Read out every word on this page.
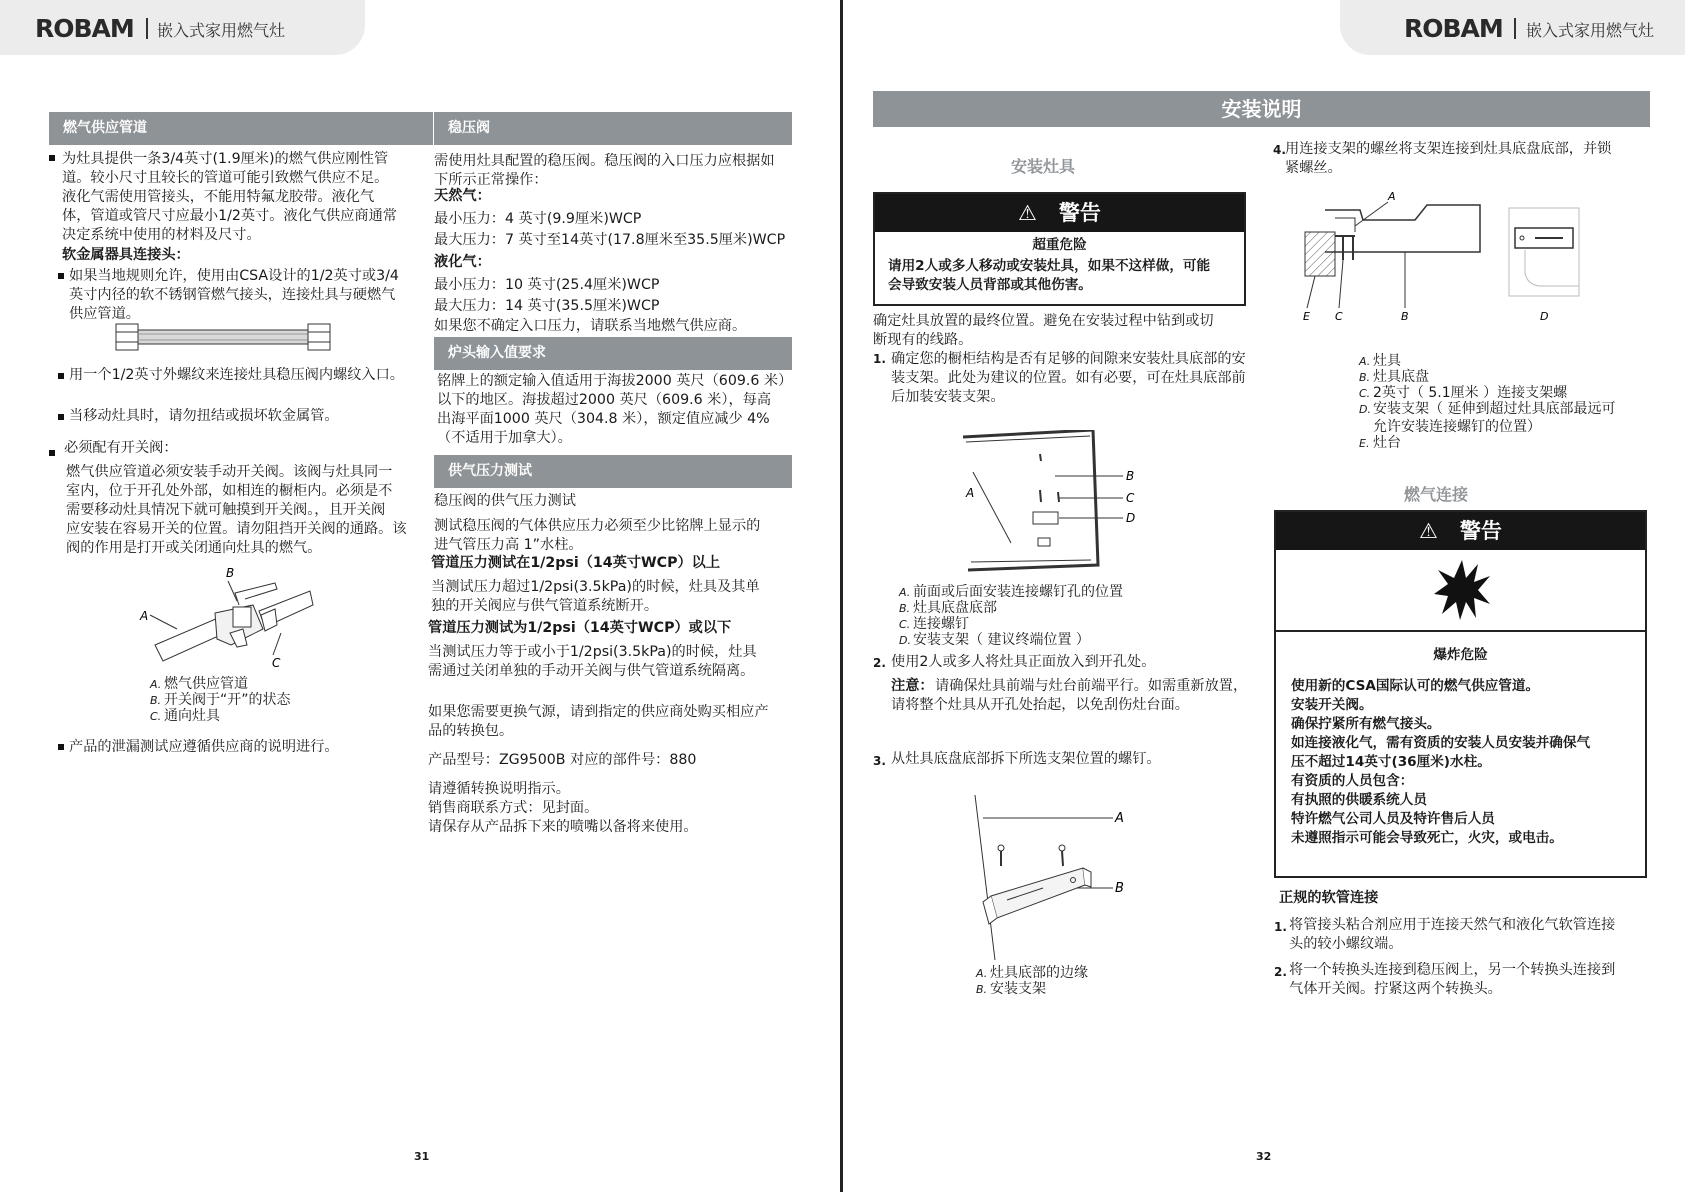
ROBAM 嵌入式家用燃气灶
燃气供应管道
为灶具提供一条3/4英寸(1.9厘米)的燃气供应刚性管
道。较小尺寸且较长的管道可能引致燃气供应不足。
液化气需使用管接头，不能用特氟龙胶带。液化气
体，管道或管尺寸应最小1/2英寸。液化气供应商通常
决定系统中使用的材料及尺寸。
软金属器具连接头：
如果当地规则允许，使用由CSA设计的1/2英寸或3/4
英寸内径的软不锈钢管燃气接头，连接灶具与硬燃气
供应管道。
用一个1/2英寸外螺纹来连接灶具稳压阀内螺纹入口。
当移动灶具时，请勿扭结或损坏软金属管。
必须配有开关阀：
燃气供应管道必须安装手动开关阀。该阀与灶具同一
室内，位于开孔处外部，如相连的橱柜内。必须是不
需要移动灶具情况下就可触摸到开关阀。，且开关阀
应安装在容易开关的位置。请勿阻挡开关阀的通路。该
阀的作用是打开或关闭通向灶具的燃气。
B
A
C
A. 燃气供应管道
B. 开关阀于“开”的状态
C. 通向灶具
产品的泄漏测试应遵循供应商的说明进行。
稳压阀
需使用灶具配置的稳压阀。稳压阀的入口压力应根据如
下所示正常操作：
天然气：
最小压力：4 英寸(9.9厘米)WCP
最大压力：7 英寸至14英寸(17.8厘米至35.5厘米)WCP
液化气：
最小压力：10 英寸(25.4厘米)WCP
最大压力：14 英寸(35.5厘米)WCP
如果您不确定入口压力，请联系当地燃气供应商。
炉头输入值要求
铭牌上的额定输入值适用于海拔2000 英尺（609.6 米）
以下的地区。海拔超过2000 英尺（609.6 米），每高
出海平面1000 英尺（304.8 米），额定值应减少 4%
（不适用于加拿大）。
供气压力测试
稳压阀的供气压力测试
测试稳压阀的气体供应压力必须至少比铭牌上显示的
进气管压力高 1”水柱。
管道压力测试在1/2psi（14英寸WCP）以上
当测试压力超过1/2psi(3.5kPa)的时候，灶具及其单
独的开关阀应与供气管道系统断开。
管道压力测试为1/2psi（14英寸WCP）或以下
当测试压力等于或小于1/2psi(3.5kPa)的时候，灶具
需通过关闭单独的手动开关阀与供气管道系统隔离。
如果您需要更换气源，请到指定的供应商处购买相应产
品的转换包。
产品型号：ZG9500B 对应的部件号：880
请遵循转换说明指示。
销售商联系方式：见封面。
请保存从产品拆下来的喷嘴以备将来使用。
31
ROBAM 嵌入式家用燃气灶
安装说明
安装灶具
⚠ 警告
超重危险
请用2人或多人移动或安装灶具，如果不这样做，可能
会导致安装人员背部或其他伤害。
确定灶具放置的最终位置。避免在安装过程中钻到或切
断现有的线路。
1. 确定您的橱柜结构是否有足够的间隙来安装灶具底部的安
装支架。此处为建议的位置。如有必要，可在灶具底部前
后加装安装支架。
A
B
C
D
A. 前面或后面安装连接螺钉孔的位置
B. 灶具底盘底部
C. 连接螺钉
D. 安装支架（ 建议终端位置 ）
2. 使用2人或多人将灶具正面放入到开孔处。
注意： 请确保灶具前端与灶台前端平行。如需重新放置，
请将整个灶具从开孔处抬起，以免刮伤灶台面。
3. 从灶具底盘底部拆下所选支架位置的螺钉。
A
B
A. 灶具底部的边缘
B. 安装支架
4. 用连接支架的螺丝将支架连接到灶具底盘底部，并锁
紧螺丝。
A
E C	B	D
A. 灶具
B. 灶具底盘
C. 2英寸（ 5.1厘米 ）连接支架螺
D. 安装支架（ 延伸到超过灶具底部最远可
允许安装连接螺钉的位置）
E. 灶台
燃气连接
⚠ 警告
爆炸危险
使用新的CSA国际认可的燃气供应管道。
安装开关阀。
确保拧紧所有燃气接头。
如连接液化气，需有资质的安装人员安装并确保气
压不超过14英寸(36厘米)水柱。
有资质的人员包含：
有执照的供暖系统人员
特许燃气公司人员及特许售后人员
未遵照指示可能会导致死亡，火灾，或电击。
正规的软管连接
1. 将管接头粘合剂应用于连接天然气和液化气软管连接
头的较小螺纹端。
2. 将一个转换头连接到稳压阀上，另一个转换头连接到
气体开关阀。拧紧这两个转换头。
32
